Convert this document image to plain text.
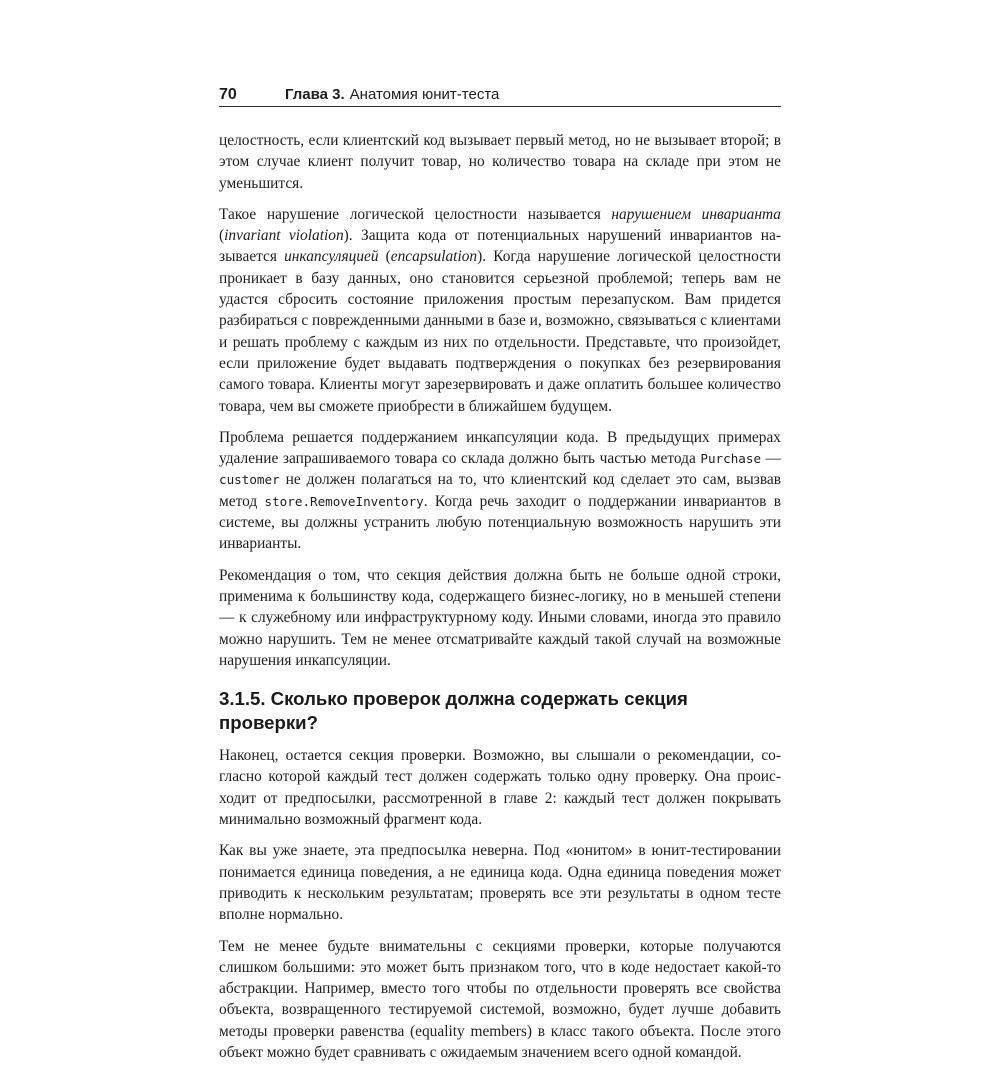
70	Глава 3. Анатомия юнит-теста

целостность, если клиентский код вызывает первый метод, но не вызывает второй; в этом случае клиент получит товар, но количество товара на складе при этом не уменьшится.

Такое нарушение логической целостности называется нарушением инварианта (invariant violation). Защита кода от потенциальных нарушений инвариантов называется инкапсуляцией (encapsulation). Когда нарушение логической целостности проникает в базу данных, оно становится серьезной проблемой; теперь вам не удастся сбросить состояние приложения простым перезапуском. Вам придется разбираться с поврежденными данными в базе и, возможно, связываться с клиентами и решать проблему с каждым из них по отдельности. Представьте, что произойдет, если приложение будет выдавать подтверждения о покупках без резервирования самого товара. Клиенты могут зарезервировать и даже оплатить большее количество товара, чем вы сможете приобрести в ближайшем будущем.

Проблема решается поддержанием инкапсуляции кода. В предыдущих примерах удаление запрашиваемого товара со склада должно быть частью метода Purchase — customer не должен полагаться на то, что клиентский код сделает это сам, вызвав метод store.RemoveInventory. Когда речь заходит о поддержании инвариантов в системе, вы должны устранить любую потенциальную возможность нарушить эти инварианты.

Рекомендация о том, что секция действия должна быть не больше одной строки, применима к большинству кода, содержащего бизнес-логику, но в меньшей степени — к служебному или инфраструктурному коду. Иными словами, иногда это правило можно нарушить. Тем не менее отсматривайте каждый такой случай на возможные нарушения инкапсуляции.

3.1.5. Сколько проверок должна содержать секция проверки?

Наконец, остается секция проверки. Возможно, вы слышали о рекомендации, согласно которой каждый тест должен содержать только одну проверку. Она происходит от предпосылки, рассмотренной в главе 2: каждый тест должен покрывать минимально возможный фрагмент кода.

Как вы уже знаете, эта предпосылка неверна. Под «юнитом» в юнит-тестировании понимается единица поведения, а не единица кода. Одна единица поведения может приводить к нескольким результатам; проверять все эти результаты в одном тесте вполне нормально.

Тем не менее будьте внимательны с секциями проверки, которые получаются слишком большими: это может быть признаком того, что в коде недостает какой-то абстракции. Например, вместо того чтобы по отдельности проверять все свойства объекта, возвращенного тестируемой системой, возможно, будет лучше добавить методы проверки равенства (equality members) в класс такого объекта. После этого объект можно будет сравнивать с ожидаемым значением всего одной командой.
